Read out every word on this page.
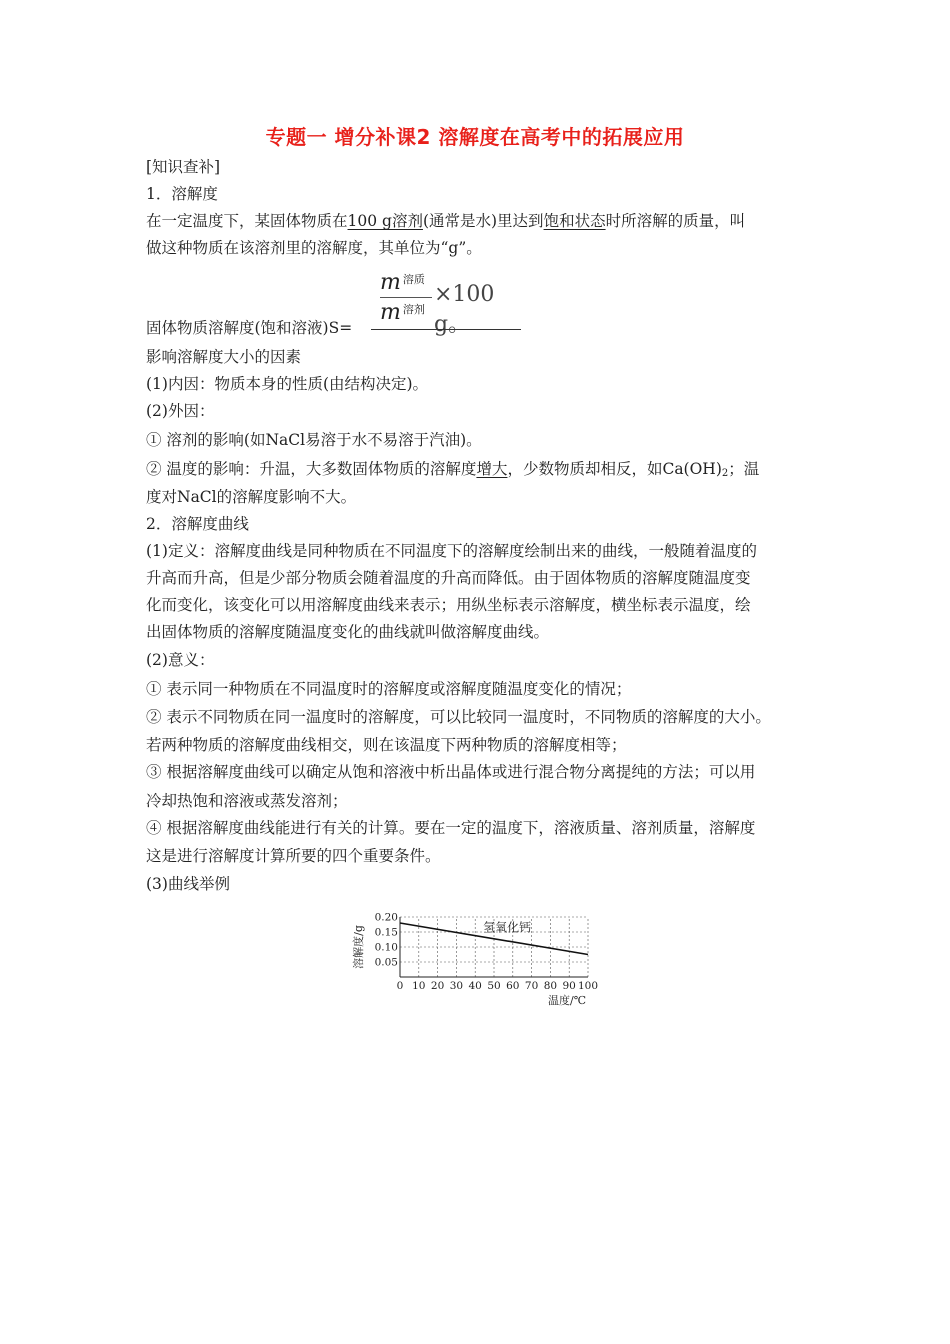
专题一 增分补课2 溶解度在高考中的拓展应用
[知识查补]
1．溶解度
在一定温度下，某固体物质在100 g溶剂(通常是水)里达到饱和状态时所溶解的质量，叫
做这种物质在该溶剂里的溶解度，其单位为“g”。
m $^{溶质}$
m $^{溶剂}$
×100 g。
固体物质溶解度(饱和溶液)S=
影响溶解度大小的因素
(1)内因：物质本身的性质(由结构决定)。
(2)外因：
① 溶剂的影响(如NaCl易溶于水不易溶于汽油)。
② 温度的影响：升温，大多数固体物质的溶解度增大，少数物质却相反，如$Ca(OH)_2$；温
度对NaCl的溶解度影响不大。
2．溶解度曲线
(1)定义：溶解度曲线是同种物质在不同温度下的溶解度绘制出来的曲线，一般随着温度的
升高而升高，但是少部分物质会随着温度的升高而降低。由于固体物质的溶解度随温度变
化而变化，该变化可以用溶解度曲线来表示；用纵坐标表示溶解度，横坐标表示温度，绘
出固体物质的溶解度随温度变化的曲线就叫做溶解度曲线。
(2)意义：
① 表示同一种物质在不同温度时的溶解度或溶解度随温度变化的情况；
② 表示不同物质在同一温度时的溶解度，可以比较同一温度时，不同物质的溶解度的大小。
若两种物质的溶解度曲线相交，则在该温度下两种物质的溶解度相等；
③ 根据溶解度曲线可以确定从饱和溶液中析出晶体或进行混合物分离提纯的方法；可以用
冷却热饱和溶液或蒸发溶剂；
④ 根据溶解度曲线能进行有关的计算。要在一定的温度下，溶液质量、溶剂质量，溶解度
这是进行溶解度计算所要的四个重要条件。
(3)曲线举例
0 10 20 30 40 50 60 70 80 90 100
0.05
0.10
0.15
0.20
氢氧化钙
温度/℃
溶解度/g
